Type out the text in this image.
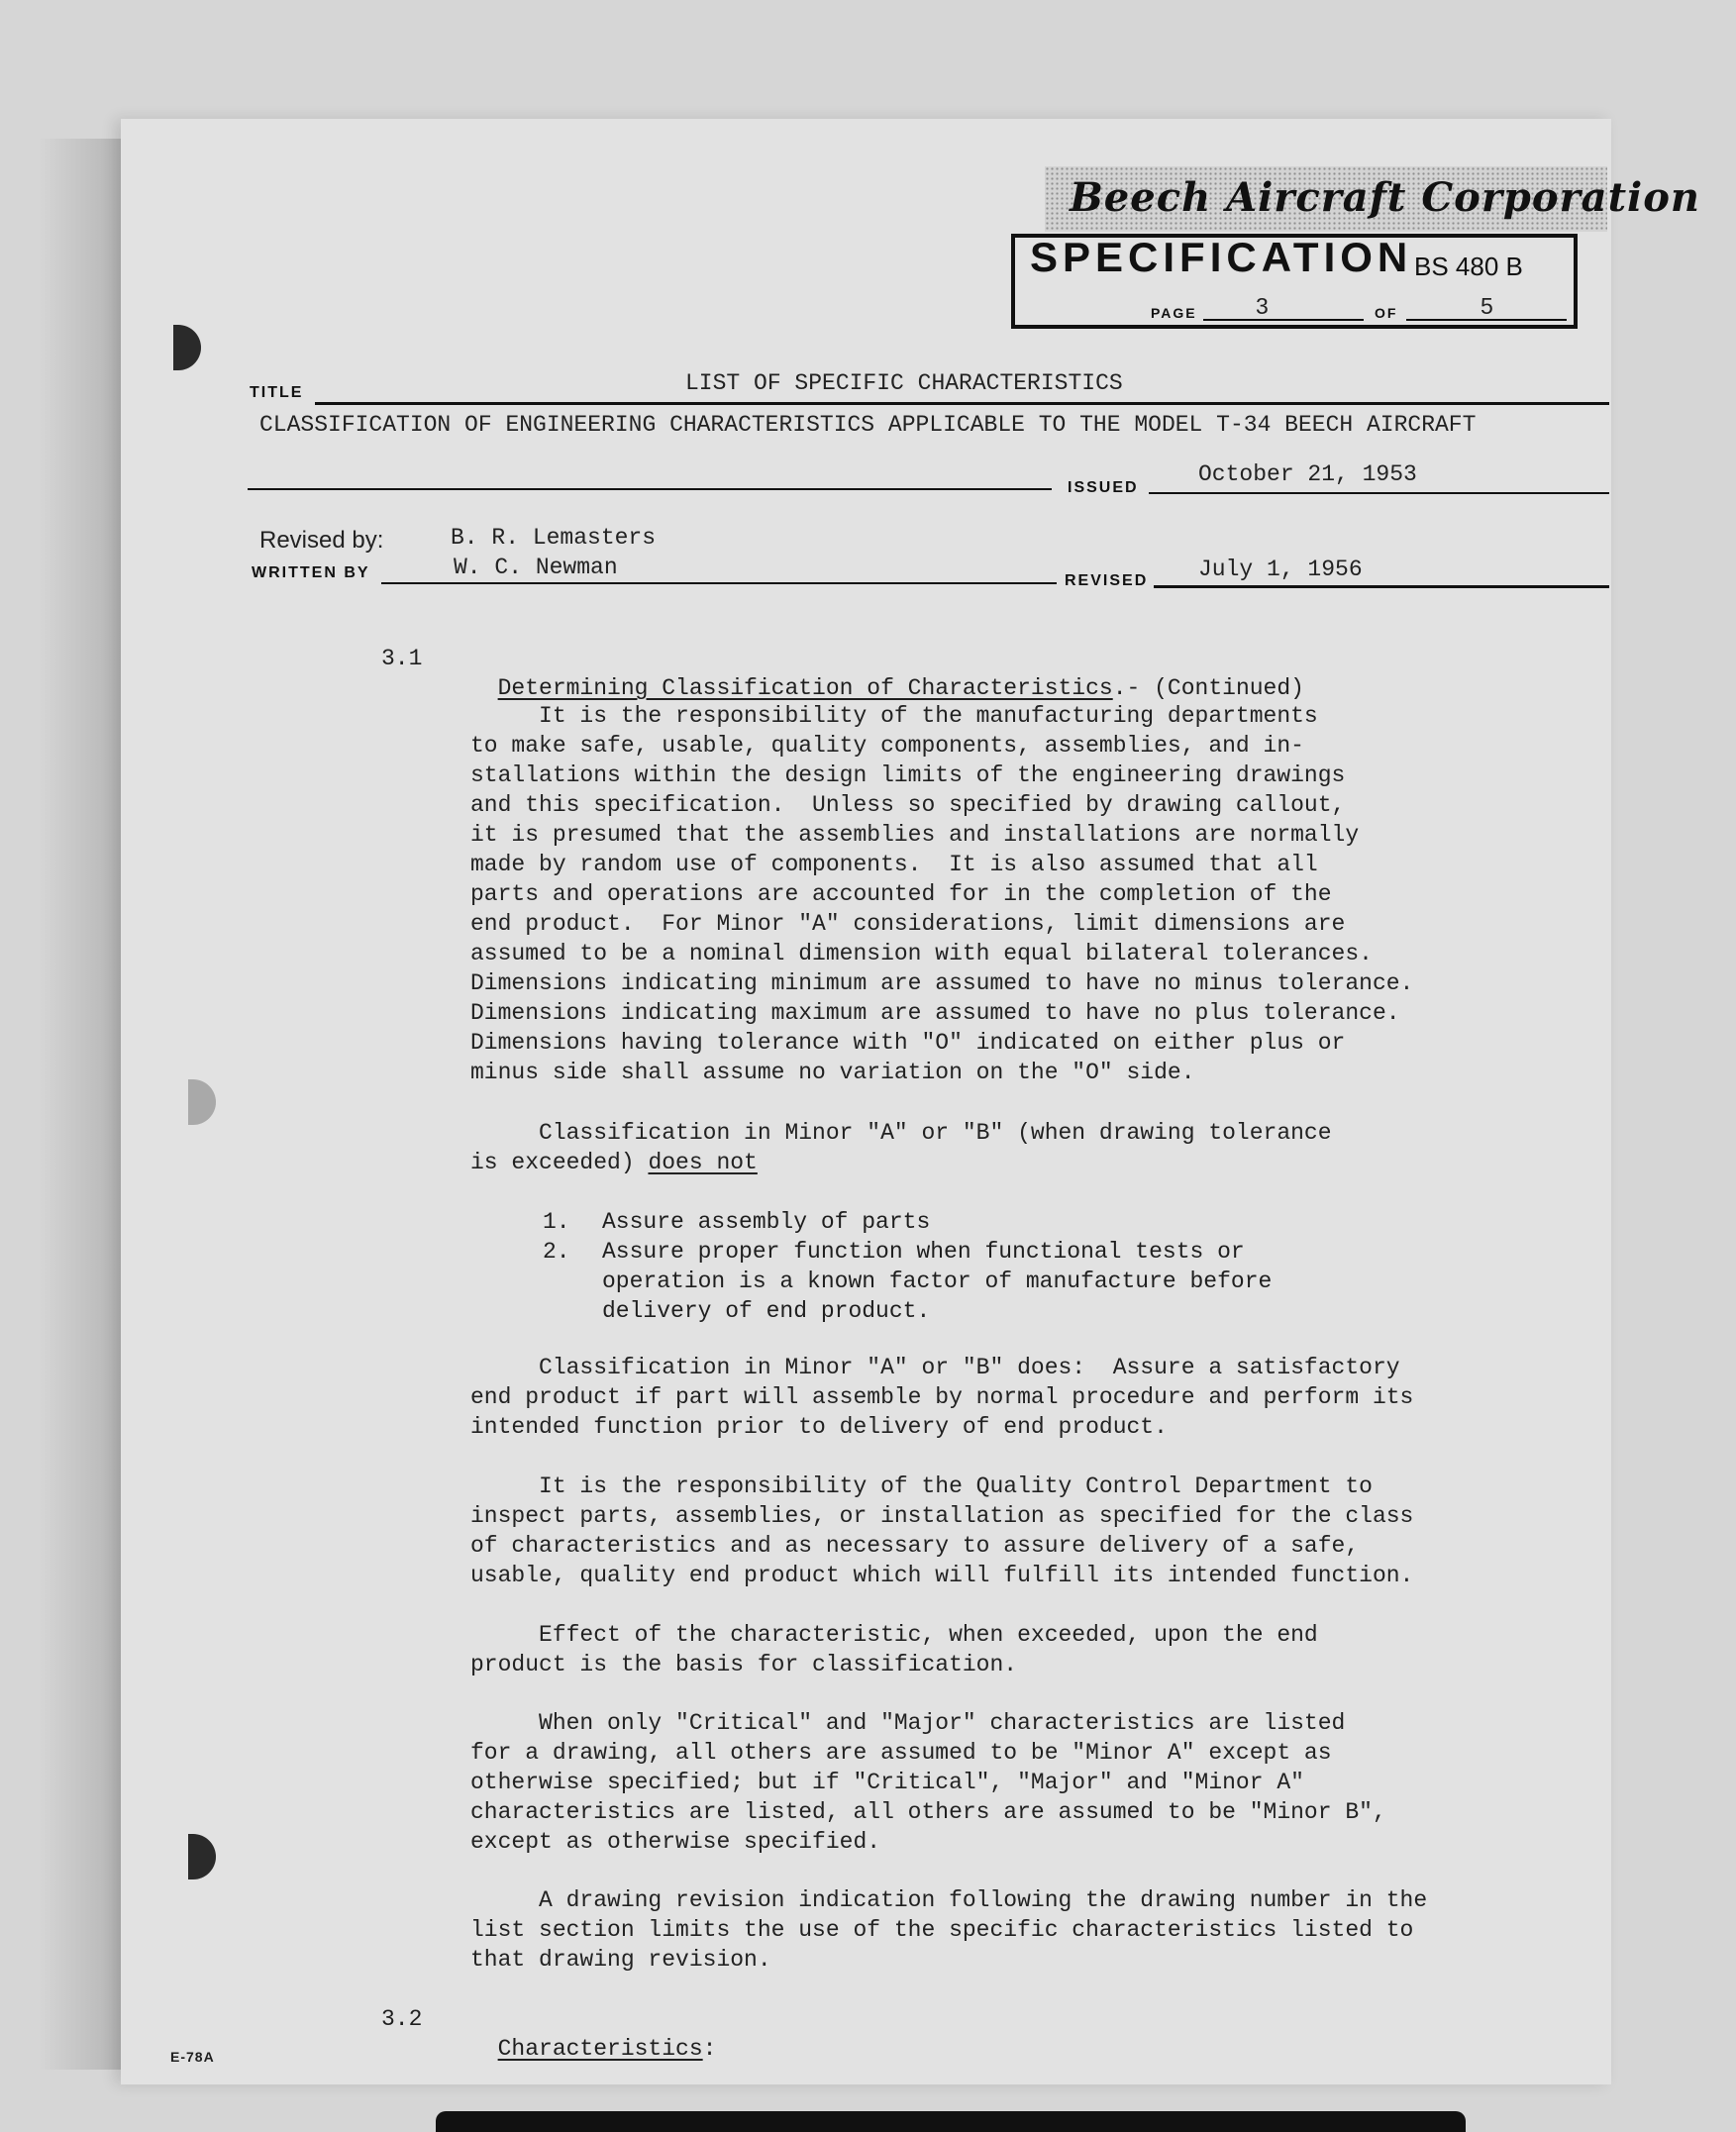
Beech Aircraft Corporation
SPECIFICATION BS 480 B
PAGE	3	OF	5
TITLE	LIST OF SPECIFIC CHARACTERISTICS
CLASSIFICATION OF ENGINEERING CHARACTERISTICS APPLICABLE TO THE MODEL T-34 BEECH AIRCRAFT
ISSUED
October 21, 1953
Revised by:	B. R. Lemasters
WRITTEN BY	W. C. Newman
REVISED July 1, 1956
3.1

Determining Classification of Characteristics.- (Continued)

It is the responsibility of the manufacturing departments
to make safe, usable, quality components, assemblies, and in-
stallations within the design limits of the engineering drawings
and this specification.  Unless so specified by drawing callout,
it is presumed that the assemblies and installations are normally
made by random use of components.  It is also assumed that all
parts and operations are accounted for in the completion of the
end product.  For Minor "A" considerations, limit dimensions are
assumed to be a nominal dimension with equal bilateral tolerances.
Dimensions indicating minimum are assumed to have no minus tolerance.
Dimensions indicating maximum are assumed to have no plus tolerance.
Dimensions having tolerance with "O" indicated on either plus or
minus side shall assume no variation on the "O" side.
Classification in Minor "A" or "B" (when drawing tolerance
is exceeded) does not
1. Assure assembly of parts
2. Assure proper function when functional tests or
operation is a known factor of manufacture before
delivery of end product.
Classification in Minor "A" or "B" does:  Assure a satisfactory
end product if part will assemble by normal procedure and perform its
intended function prior to delivery of end product.
It is the responsibility of the Quality Control Department to
inspect parts, assemblies, or installation as specified for the class
of characteristics and as necessary to assure delivery of a safe,
usable, quality end product which will fulfill its intended function.
Effect of the characteristic, when exceeded, upon the end
product is the basis for classification.
When only "Critical" and "Major" characteristics are listed
for a drawing, all others are assumed to be "Minor A" except as
otherwise specified; but if "Critical", "Major" and "Minor A"
characteristics are listed, all others are assumed to be "Minor B",
except as otherwise specified.
A drawing revision indication following the drawing number in the
list section limits the use of the specific characteristics listed to
that drawing revision.
3.2

Characteristics:

E-78A
